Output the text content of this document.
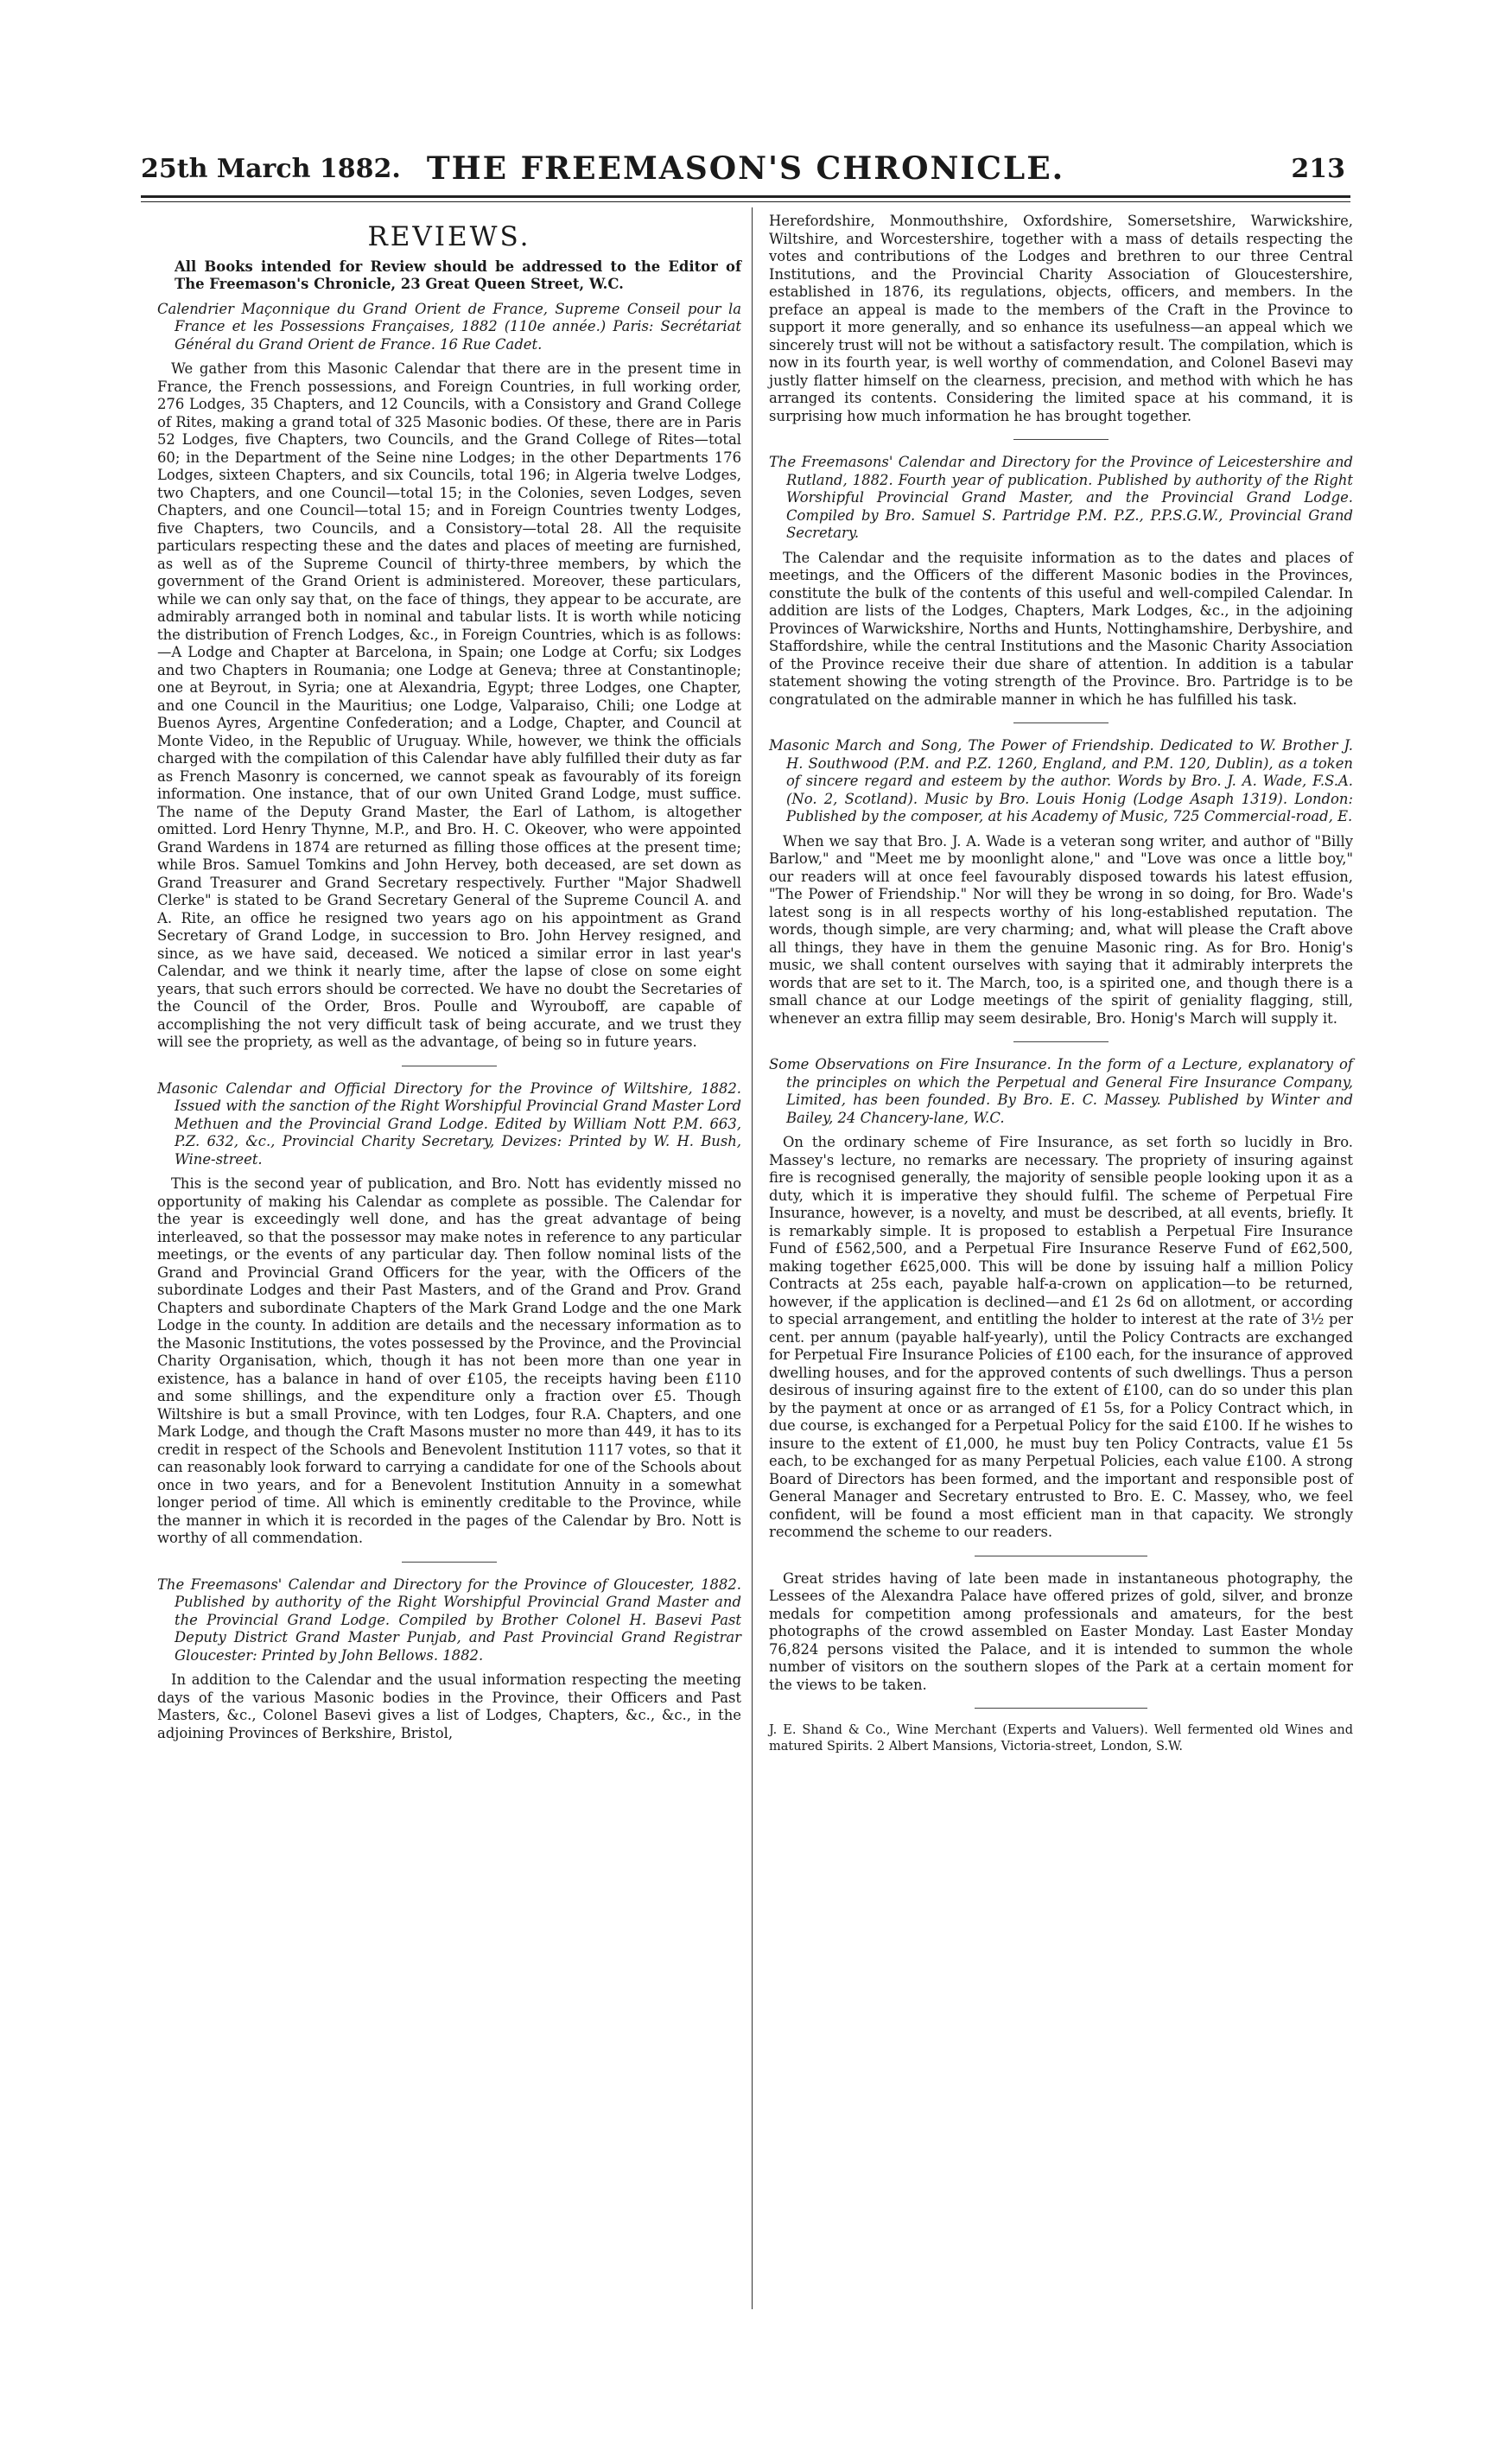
25th March 1882. THE FREEMASON'S CHRONICLE.	213
REVIEWS.

All Books intended for Review should be addressed to the Editor of The Freemason's Chronicle, 23 Great Queen Street, W.C.

Calendrier Maçonnique du Grand Orient de France, Supreme Conseil pour la France et les Possessions Françaises, 1882 (110e année.) Paris: Secrétariat Général du Grand Orient de France. 16 Rue Cadet.

We gather from this Masonic Calendar that there are in the present time in France, the French possessions, and Foreign Countries, in full working order, 276 Lodges, 35 Chapters, and 12 Councils, with a Consistory and Grand College of Rites, making a grand total of 325 Masonic bodies. Of these, there are in Paris 52 Lodges, five Chapters, two Councils, and the Grand College of Rites—total 60; in the Department of the Seine nine Lodges; in the other Departments 176 Lodges, sixteen Chapters, and six Councils, total 196; in Algeria twelve Lodges, two Chapters, and one Council—total 15; in the Colonies, seven Lodges, seven Chapters, and one Council—total 15; and in Foreign Countries twenty Lodges, five Chapters, two Councils, and a Consistory—total 28. All the requisite particulars respecting these and the dates and places of meeting are furnished, as well as of the Supreme Council of thirty-three members, by which the government of the Grand Orient is administered. Moreover, these particulars, while we can only say that, on the face of things, they appear to be accurate, are admirably arranged both in nominal and tabular lists. It is worth while noticing the distribution of French Lodges, &c., in Foreign Countries, which is as follows:—A Lodge and Chapter at Barcelona, in Spain; one Lodge at Corfu; six Lodges and two Chapters in Roumania; one Lodge at Geneva; three at Constantinople; one at Beyrout, in Syria; one at Alexandria, Egypt; three Lodges, one Chapter, and one Council in the Mauritius; one Lodge, Valparaiso, Chili; one Lodge at Buenos Ayres, Argentine Confederation; and a Lodge, Chapter, and Council at Monte Video, in the Republic of Uruguay. While, however, we think the officials charged with the compilation of this Calendar have ably fulfilled their duty as far as French Masonry is concerned, we cannot speak as favourably of its foreign information. One instance, that of our own United Grand Lodge, must suffice. The name of the Deputy Grand Master, the Earl of Lathom, is altogether omitted. Lord Henry Thynne, M.P., and Bro. H. C. Okeover, who were appointed Grand Wardens in 1874 are returned as filling those offices at the present time; while Bros. Samuel Tomkins and John Hervey, both deceased, are set down as Grand Treasurer and Grand Secretary respectively. Further "Major Shadwell Clerke" is stated to be Grand Secretary General of the Supreme Council A. and A. Rite, an office he resigned two years ago on his appointment as Grand Secretary of Grand Lodge, in succession to Bro. John Hervey resigned, and since, as we have said, deceased. We noticed a similar error in last year's Calendar, and we think it nearly time, after the lapse of close on some eight years, that such errors should be corrected. We have no doubt the Secretaries of the Council of the Order, Bros. Poulle and Wyrouboff, are capable of accomplishing the not very difficult task of being accurate, and we trust they will see the propriety, as well as the advantage, of being so in future years.

Masonic Calendar and Official Directory for the Province of Wiltshire, 1882. Issued with the sanction of the Right Worshipful Provincial Grand Master Lord Methuen and the Provincial Grand Lodge. Edited by William Nott P.M. 663, P.Z. 632, &c., Provincial Charity Secretary, Devizes: Printed by W. H. Bush, Wine-street.

This is the second year of publication, and Bro. Nott has evidently missed no opportunity of making his Calendar as complete as possible. The Calendar for the year is exceedingly well done, and has the great advantage of being interleaved, so that the possessor may make notes in reference to any particular meetings, or the events of any particular day. Then follow nominal lists of the Grand and Provincial Grand Officers for the year, with the Officers of the subordinate Lodges and their Past Masters, and of the Grand and Prov. Grand Chapters and subordinate Chapters of the Mark Grand Lodge and the one Mark Lodge in the county. In addition are details and the necessary information as to the Masonic Institutions, the votes possessed by the Province, and the Provincial Charity Organisation, which, though it has not been more than one year in existence, has a balance in hand of over £105, the receipts having been £110 and some shillings, and the expenditure only a fraction over £5. Though Wiltshire is but a small Province, with ten Lodges, four R.A. Chapters, and one Mark Lodge, and though the Craft Masons muster no more than 449, it has to its credit in respect of the Schools and Benevolent Institution 1117 votes, so that it can reasonably look forward to carrying a candidate for one of the Schools about once in two years, and for a Benevolent Institution Annuity in a somewhat longer period of time. All which is eminently creditable to the Province, while the manner in which it is recorded in the pages of the Calendar by Bro. Nott is worthy of all commendation.

The Freemasons' Calendar and Directory for the Province of Gloucester, 1882. Published by authority of the Right Worshipful Provincial Grand Master and the Provincial Grand Lodge. Compiled by Brother Colonel H. Basevi Past Deputy District Grand Master Punjab, and Past Provincial Grand Registrar Gloucester: Printed by John Bellows. 1882.

In addition to the Calendar and the usual information respecting the meeting days of the various Masonic bodies in the Province, their Officers and Past Masters, &c., Colonel Basevi gives a list of Lodges, Chapters, &c., &c., in the adjoining Provinces of Berkshire, Bristol,

Herefordshire, Monmouthshire, Oxfordshire, Somersetshire, Warwickshire, Wiltshire, and Worcestershire, together with a mass of details respecting the votes and contributions of the Lodges and brethren to our three Central Institutions, and the Provincial Charity Association of Gloucestershire, established in 1876, its regulations, objects, officers, and members. In the preface an appeal is made to the members of the Craft in the Province to support it more generally, and so enhance its usefulness—an appeal which we sincerely trust will not be without a satisfactory result. The compilation, which is now in its fourth year, is well worthy of commendation, and Colonel Basevi may justly flatter himself on the clearness, precision, and method with which he has arranged its contents. Considering the limited space at his command, it is surprising how much information he has brought together.

The Freemasons' Calendar and Directory for the Province of Leicestershire and Rutland, 1882. Fourth year of publication. Published by authority of the Right Worshipful Provincial Grand Master, and the Provincial Grand Lodge. Compiled by Bro. Samuel S. Partridge P.M. P.Z., P.P.S.G.W., Provincial Grand Secretary.

The Calendar and the requisite information as to the dates and places of meetings, and the Officers of the different Masonic bodies in the Provinces, constitute the bulk of the contents of this useful and well-compiled Calendar. In addition are lists of the Lodges, Chapters, Mark Lodges, &c., in the adjoining Provinces of Warwickshire, Norths and Hunts, Nottinghamshire, Derbyshire, and Staffordshire, while the central Institutions and the Masonic Charity Association of the Province receive their due share of attention. In addition is a tabular statement showing the voting strength of the Province. Bro. Partridge is to be congratulated on the admirable manner in which he has fulfilled his task.

Masonic March and Song, The Power of Friendship. Dedicated to W. Brother J. H. Southwood (P.M. and P.Z. 1260, England, and P.M. 120, Dublin), as a token of sincere regard and esteem by the author. Words by Bro. J. A. Wade, F.S.A. (No. 2, Scotland). Music by Bro. Louis Honig (Lodge Asaph 1319). London: Published by the composer, at his Academy of Music, 725 Commercial-road, E.

When we say that Bro. J. A. Wade is a veteran song writer, and author of "Billy Barlow," and "Meet me by moonlight alone," and "Love was once a little boy," our readers will at once feel favourably disposed towards his latest effusion, "The Power of Friendship." Nor will they be wrong in so doing, for Bro. Wade's latest song is in all respects worthy of his long-established reputation. The words, though simple, are very charming; and, what will please the Craft above all things, they have in them the genuine Masonic ring. As for Bro. Honig's music, we shall content ourselves with saying that it admirably interprets the words that are set to it. The March, too, is a spirited one, and though there is a small chance at our Lodge meetings of the spirit of geniality flagging, still, whenever an extra fillip may seem desirable, Bro. Honig's March will supply it.

Some Observations on Fire Insurance. In the form of a Lecture, explanatory of the principles on which the Perpetual and General Fire Insurance Company, Limited, has been founded. By Bro. E. C. Massey. Published by Winter and Bailey, 24 Chancery-lane, W.C.

On the ordinary scheme of Fire Insurance, as set forth so lucidly in Bro. Massey's lecture, no remarks are necessary. The propriety of insuring against fire is recognised generally, the majority of sensible people looking upon it as a duty, which it is imperative they should fulfil. The scheme of Perpetual Fire Insurance, however, is a novelty, and must be described, at all events, briefly. It is remarkably simple. It is proposed to establish a Perpetual Fire Insurance Fund of £562,500, and a Perpetual Fire Insurance Reserve Fund of £62,500, making together £625,000. This will be done by issuing half a million Policy Contracts at 25s each, payable half-a-crown on application—to be returned, however, if the application is declined—and £1 2s 6d on allotment, or according to special arrangement, and entitling the holder to interest at the rate of 3½ per cent. per annum (payable half-yearly), until the Policy Contracts are exchanged for Perpetual Fire Insurance Policies of £100 each, for the insurance of approved dwelling houses, and for the approved contents of such dwellings. Thus a person desirous of insuring against fire to the extent of £100, can do so under this plan by the payment at once or as arranged of £1 5s, for a Policy Contract which, in due course, is exchanged for a Perpetual Policy for the said £100. If he wishes to insure to the extent of £1,000, he must buy ten Policy Contracts, value £1 5s each, to be exchanged for as many Perpetual Policies, each value £100. A strong Board of Directors has been formed, and the important and responsible post of General Manager and Secretary entrusted to Bro. E. C. Massey, who, we feel confident, will be found a most efficient man in that capacity. We strongly recommend the scheme to our readers.

Great strides having of late been made in instantaneous photography, the Lessees of the Alexandra Palace have offered prizes of gold, silver, and bronze medals for competition among professionals and amateurs, for the best photographs of the crowd assembled on Easter Monday. Last Easter Monday 76,824 persons visited the Palace, and it is intended to summon the whole number of visitors on the southern slopes of the Park at a certain moment for the views to be taken.

J. E. Shand & Co., Wine Merchant (Experts and Valuers). Well fermented old Wines and matured Spirits. 2 Albert Mansions, Victoria-street, London, S.W.
